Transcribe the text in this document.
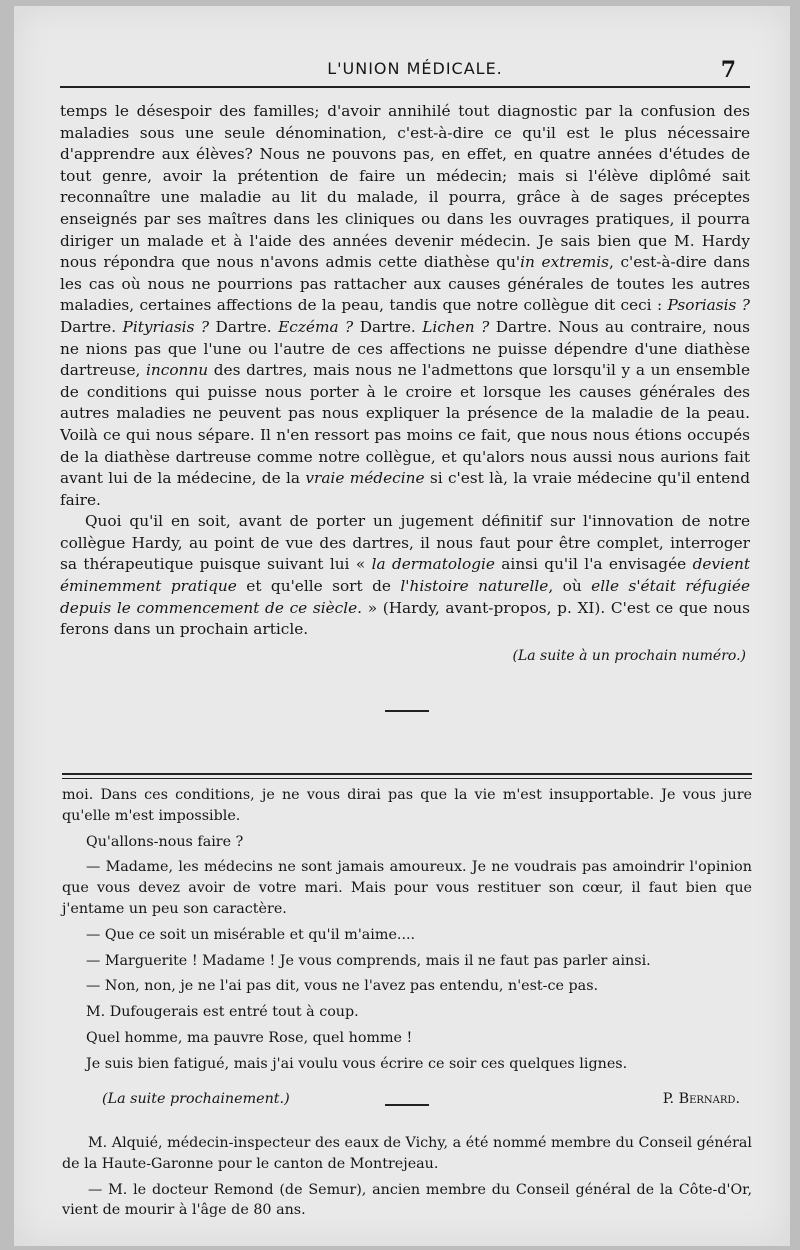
L'UNION MÉDICALE.	7

temps le désespoir des familles; d'avoir annihilé tout diagnostic par la confusion des maladies sous une seule dénomination, c'est-à-dire ce qu'il est le plus nécessaire d'apprendre aux élèves? Nous ne pouvons pas, en effet, en quatre années d'études de tout genre, avoir la prétention de faire un médecin; mais si l'élève diplômé sait reconnaître une maladie au lit du malade, il pourra, grâce à de sages préceptes enseignés par ses maîtres dans les cliniques ou dans les ouvrages pratiques, il pourra diriger un malade et à l'aide des années devenir médecin. Je sais bien que M. Hardy nous répondra que nous n'avons admis cette diathèse qu'in extremis, c'est-à-dire dans les cas où nous ne pourrions pas rattacher aux causes générales de toutes les autres maladies, certaines affections de la peau, tandis que notre collègue dit ceci : Psoriasis ? Dartre. Pityriasis ? Dartre. Eczéma ? Dartre. Lichen ? Dartre. Nous au contraire, nous ne nions pas que l'une ou l'autre de ces affections ne puisse dépendre d'une diathèse dartreuse, inconnu des dartres, mais nous ne l'admettons que lorsqu'il y a un ensemble de conditions qui puisse nous porter à le croire et lorsque les causes générales des autres maladies ne peuvent pas nous expliquer la présence de la maladie de la peau. Voilà ce qui nous sépare. Il n'en ressort pas moins ce fait, que nous nous étions occupés de la diathèse dartreuse comme notre collègue, et qu'alors nous aussi nous aurions fait avant lui de la médecine, de la vraie médecine si c'est là, la vraie médecine qu'il entend faire.

Quoi qu'il en soit, avant de porter un jugement définitif sur l'innovation de notre collègue Hardy, au point de vue des dartres, il nous faut pour être complet, interroger sa thérapeutique puisque suivant lui « la dermatologie ainsi qu'il l'a envisagée devient éminemment pratique et qu'elle sort de l'histoire naturelle, où elle s'était réfugiée depuis le commencement de ce siècle. » (Hardy, avant-propos, p. XI). C'est ce que nous ferons dans un prochain article.

(La suite à un prochain numéro.)

moi. Dans ces conditions, je ne vous dirai pas que la vie m'est insupportable. Je vous jure qu'elle m'est impossible.

Qu'allons-nous faire ?

— Madame, les médecins ne sont jamais amoureux. Je ne voudrais pas amoindrir l'opinion que vous devez avoir de votre mari. Mais pour vous restituer son cœur, il faut bien que j'entame un peu son caractère.

— Que ce soit un misérable et qu'il m'aime....

— Marguerite ! Madame ! Je vous comprends, mais il ne faut pas parler ainsi.

— Non, non, je ne l'ai pas dit, vous ne l'avez pas entendu, n'est-ce pas.

M. Dufougerais est entré tout à coup.

Quel homme, ma pauvre Rose, quel homme !

Je suis bien fatigué, mais j'ai voulu vous écrire ce soir ces quelques lignes.

(La suite prochainement.)	P. Bernard.

M. Alquié, médecin-inspecteur des eaux de Vichy, a été nommé membre du Conseil général de la Haute-Garonne pour le canton de Montrejeau.

— M. le docteur Remond (de Semur), ancien membre du Conseil général de la Côte-d'Or, vient de mourir à l'âge de 80 ans.
